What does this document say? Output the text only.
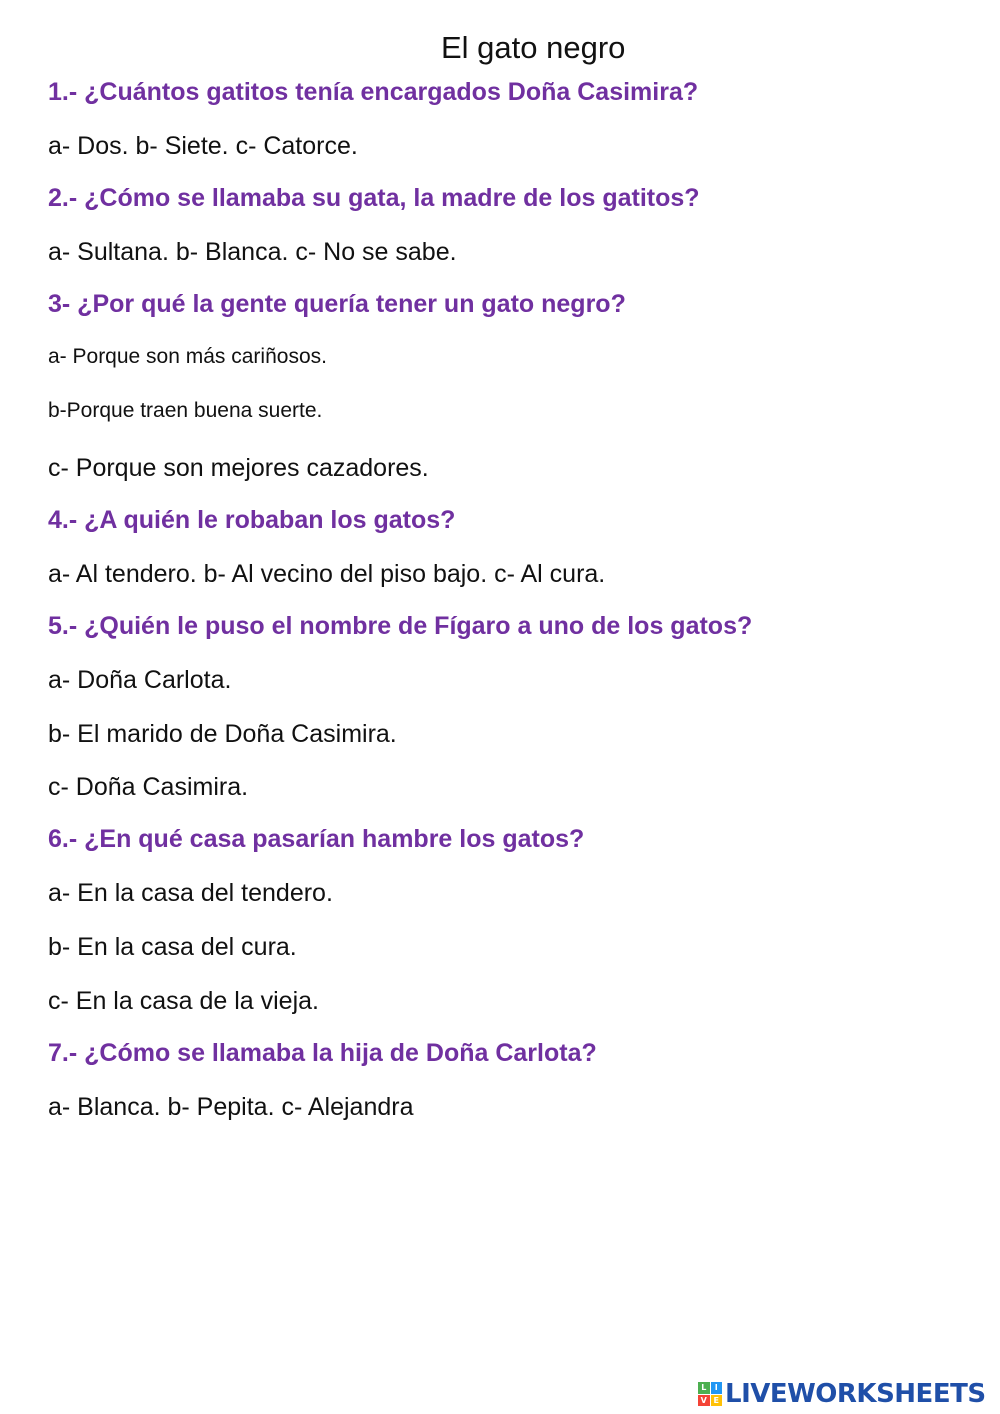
El gato negro
1.- ¿Cuántos gatitos tenía encargados Doña Casimira?
a- Dos. b- Siete. c- Catorce.
2.- ¿Cómo se llamaba su gata, la madre de los gatitos?
a- Sultana. b- Blanca. c- No se sabe.
3- ¿Por qué la gente quería tener un gato negro?
a- Porque son más cariñosos.
b-Porque traen buena suerte.
c- Porque son mejores cazadores.
4.- ¿A quién le robaban los gatos?
a- Al tendero. b- Al vecino del piso bajo. c- Al cura.
5.- ¿Quién le puso el nombre de Fígaro a uno de los gatos?
a- Doña Carlota.
b- El marido de Doña Casimira.
c- Doña Casimira.
6.- ¿En qué casa pasarían hambre los gatos?
a- En la casa del tendero.
b- En la casa del cura.
c- En la casa de la vieja.
7.- ¿Cómo se llamaba la hija de Doña Carlota?
a- Blanca. b- Pepita. c- Alejandra
L	I
V E LIVEWORKSHEETS
